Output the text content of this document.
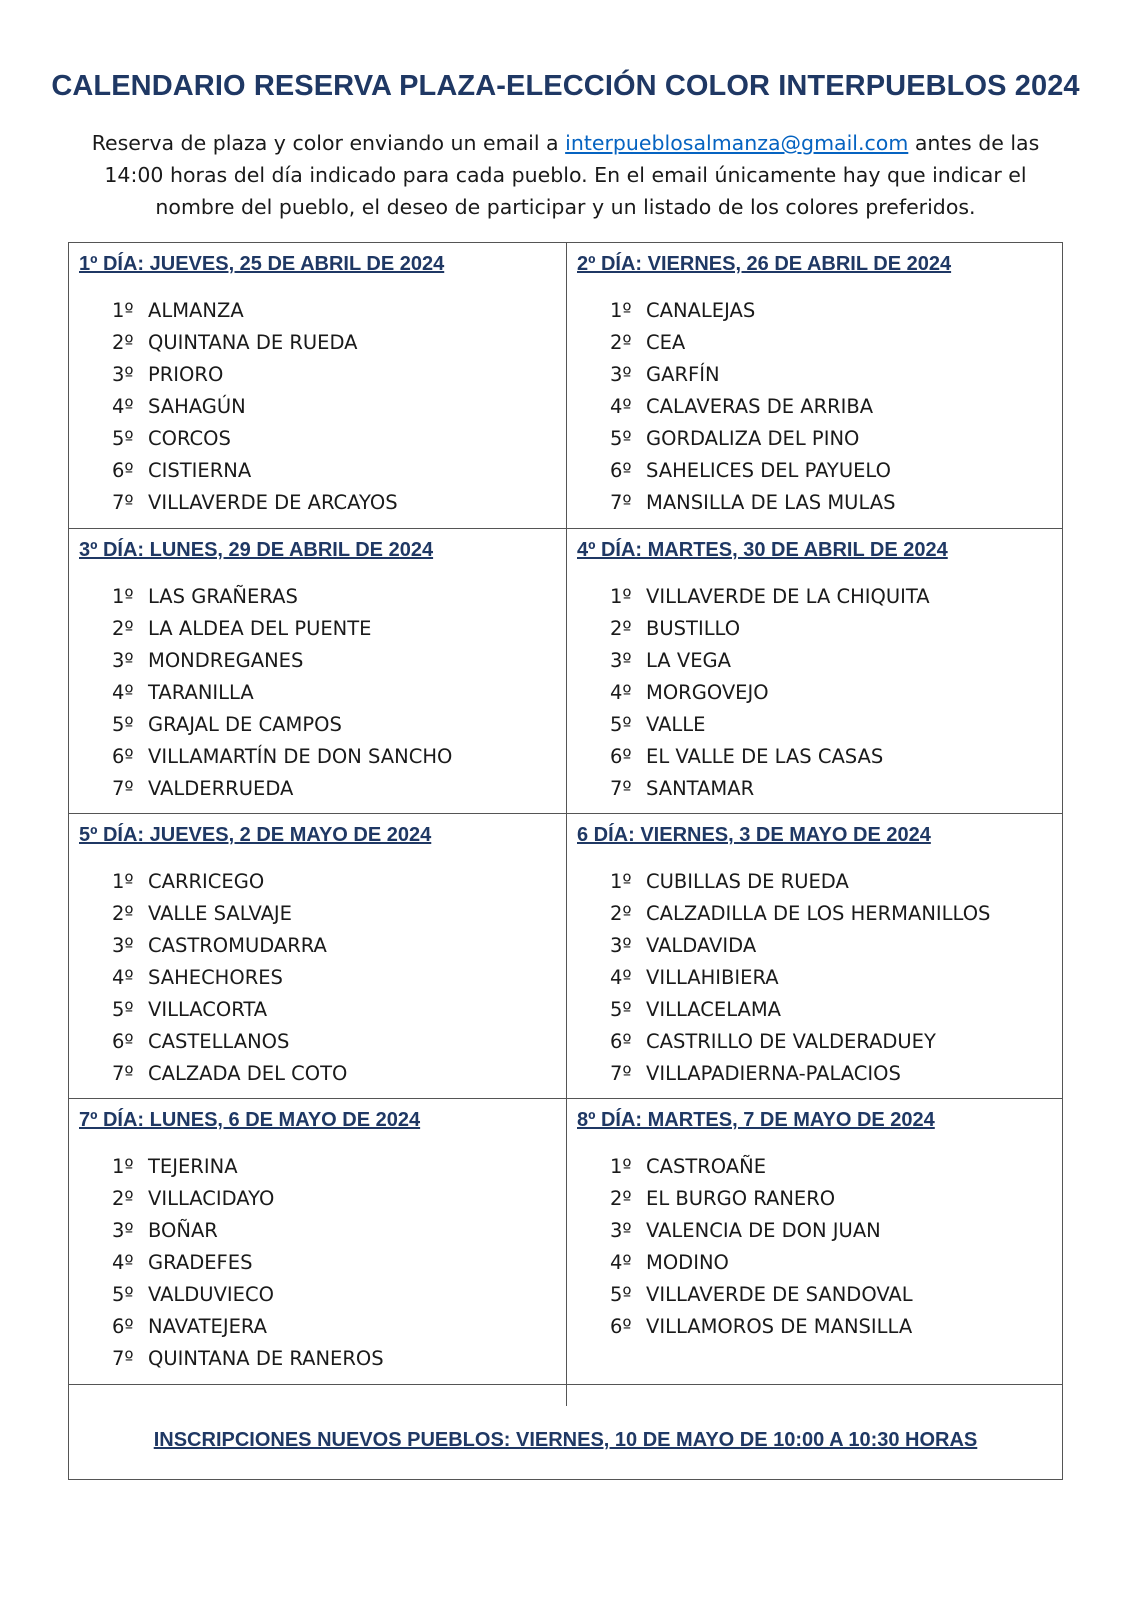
CALENDARIO RESERVA PLAZA-ELECCIÓN COLOR INTERPUEBLOS 2024
Reserva de plaza y color enviando un email a interpueblosalmanza@gmail.com antes de las 14:00 horas del día indicado para cada pueblo. En el email únicamente hay que indicar el nombre del pueblo, el deseo de participar y un listado de los colores preferidos.
1º DÍA: JUEVES, 25 DE ABRIL DE 2024
1º ALMANZA
2º QUINTANA DE RUEDA
3º PRIORO
4º SAHAGÚN
5º CORCOS
6º CISTIERNA
7º VILLAVERDE DE ARCAYOS
2º DÍA: VIERNES, 26 DE ABRIL DE 2024
1º CANALEJAS
2º CEA
3º GARFÍN
4º CALAVERAS DE ARRIBA
5º GORDALIZA DEL PINO
6º SAHELICES DEL PAYUELO
7º MANSILLA DE LAS MULAS
3º DÍA: LUNES, 29 DE ABRIL DE 2024
1º LAS GRAÑERAS
2º LA ALDEA DEL PUENTE
3º MONDREGANES
4º TARANILLA
5º GRAJAL DE CAMPOS
6º VILLAMARTÍN DE DON SANCHO
7º VALDERRUEDA
4º DÍA: MARTES, 30 DE ABRIL DE 2024
1º VILLAVERDE DE LA CHIQUITA
2º BUSTILLO
3º LA VEGA
4º MORGOVEJO
5º VALLE
6º EL VALLE DE LAS CASAS
7º SANTAMAR
5º DÍA: JUEVES, 2 DE MAYO DE 2024
1º CARRICEGO
2º VALLE SALVAJE
3º CASTROMUDARRA
4º SAHECHORES
5º VILLACORTA
6º CASTELLANOS
7º CALZADA DEL COTO
6 DÍA: VIERNES, 3 DE MAYO DE 2024
1º CUBILLAS DE RUEDA
2º CALZADILLA DE LOS HERMANILLOS
3º VALDAVIDA
4º VILLAHIBIERA
5º VILLACELAMA
6º CASTRILLO DE VALDERADUEY
7º VILLAPADIERNA-PALACIOS
7º DÍA: LUNES, 6 DE MAYO DE 2024
1º TEJERINA
2º VILLACIDAYO
3º BOÑAR
4º GRADEFES
5º VALDUVIECO
6º NAVATEJERA
7º QUINTANA DE RANEROS
8º DÍA: MARTES, 7 DE MAYO DE 2024
1º CASTROAÑE
2º EL BURGO RANERO
3º VALENCIA DE DON JUAN
4º MODINO
5º VILLAVERDE DE SANDOVAL
6º VILLAMOROS DE MANSILLA
INSCRIPCIONES NUEVOS PUEBLOS: VIERNES, 10 DE MAYO DE 10:00 A 10:30 HORAS
